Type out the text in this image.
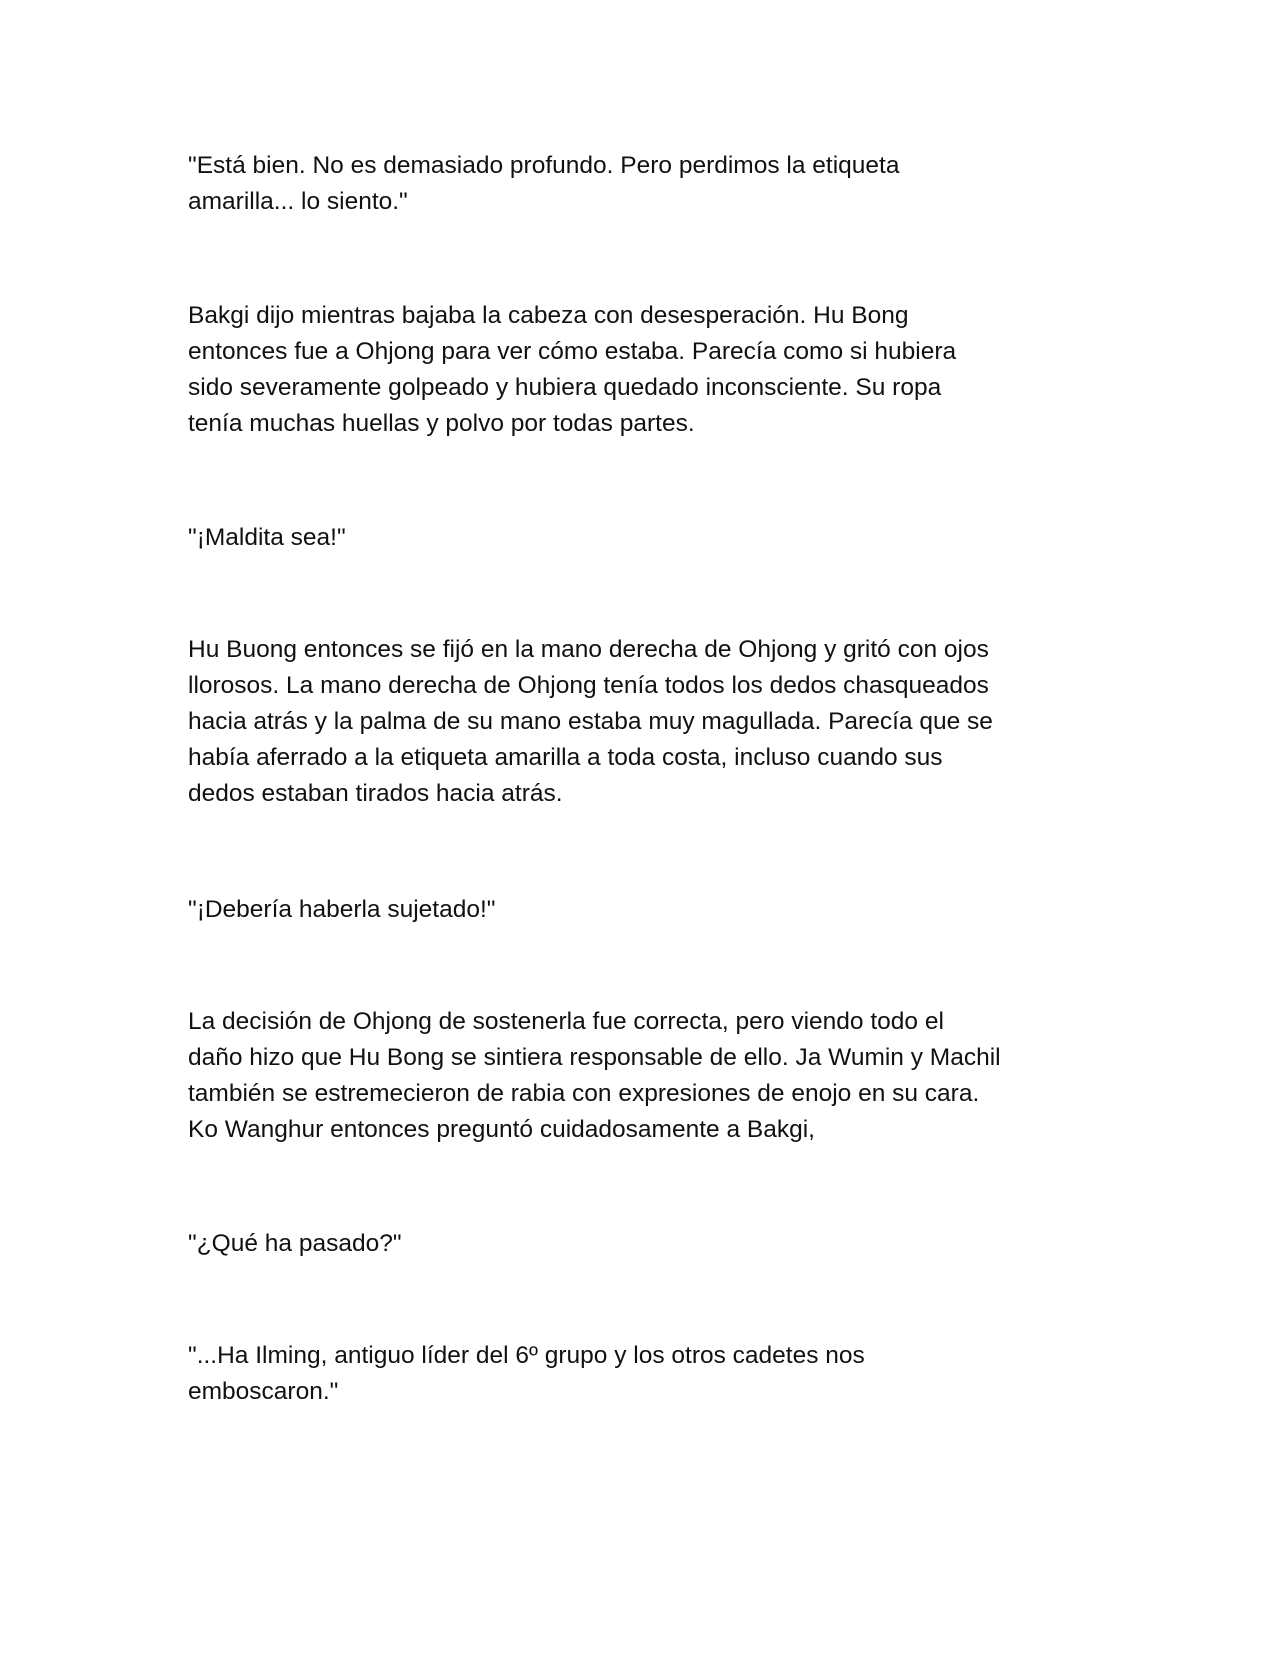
"Está bien. No es demasiado profundo. Pero perdimos la etiqueta
amarilla... lo siento."

Bakgi dijo mientras bajaba la cabeza con desesperación. Hu Bong
entonces fue a Ohjong para ver cómo estaba. Parecía como si hubiera
sido severamente golpeado y hubiera quedado inconsciente. Su ropa
tenía muchas huellas y polvo por todas partes.

"¡Maldita sea!"

Hu Buong entonces se fijó en la mano derecha de Ohjong y gritó con ojos
llorosos. La mano derecha de Ohjong tenía todos los dedos chasqueados
hacia atrás y la palma de su mano estaba muy magullada. Parecía que se
había aferrado a la etiqueta amarilla a toda costa, incluso cuando sus
dedos estaban tirados hacia atrás.

"¡Debería haberla sujetado!"

La decisión de Ohjong de sostenerla fue correcta, pero viendo todo el
daño hizo que Hu Bong se sintiera responsable de ello. Ja Wumin y Machil
también se estremecieron de rabia con expresiones de enojo en su cara.
Ko Wanghur entonces preguntó cuidadosamente a Bakgi,

"¿Qué ha pasado?"

"...Ha Ilming, antiguo líder del 6º grupo y los otros cadetes nos
emboscaron."
